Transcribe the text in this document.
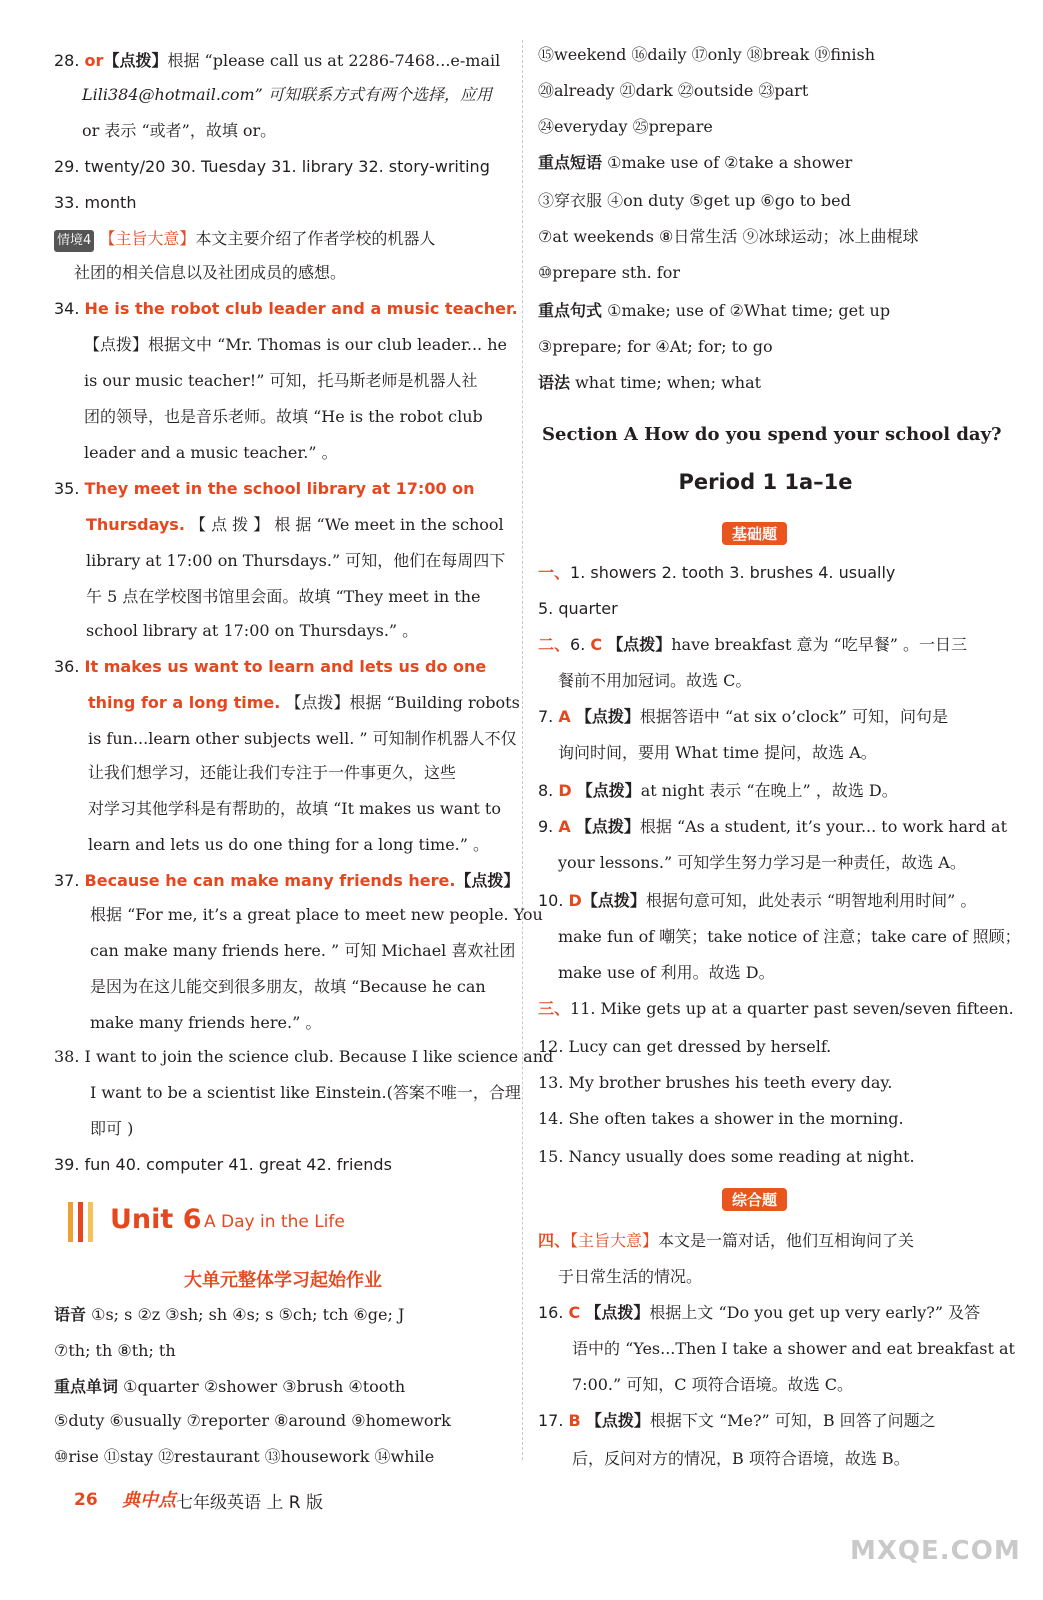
28. or【点拨】根据 “please call us at 2286-7468...e-mail
Lili384@hotmail.com” 可知联系方式有两个选择，应用
or 表示 “或者”，故填 or。
29. twenty/20 30. Tuesday 31. library 32. story-writing
33. month
情境4 【主旨大意】本文主要介绍了作者学校的机器人
社团的相关信息以及社团成员的感想。
34. He is the robot club leader and a music teacher.
【点拨】根据文中 “Mr. Thomas is our club leader... he
is our music teacher!” 可知，托马斯老师是机器人社
团的领导，也是音乐老师。故填 “He is the robot club
leader and a music teacher.” 。
35. They meet in the school library at 17:00 on
Thursdays. 【 点 拨 】 根 据 “We meet in the school
library at 17:00 on Thursdays.” 可知，他们在每周四下
午 5 点在学校图书馆里会面。故填 “They meet in the
school library at 17:00 on Thursdays.” 。
36. It makes us want to learn and lets us do one
thing for a long time. 【点拨】根据 “Building robots
is fun...learn other subjects well. ” 可知制作机器人不仅
让我们想学习，还能让我们专注于一件事更久，这些
对学习其他学科是有帮助的，故填 “It makes us want to
learn and lets us do one thing for a long time.” 。
37. Because he can make many friends here.【点拨】
根据 “For me, it’s a great place to meet new people. You
can make many friends here. ” 可知 Michael 喜欢社团
是因为在这儿能交到很多朋友，故填 “Because he can
make many friends here.” 。
38. I want to join the science club. Because I like science and
I want to be a scientist like Einstein.(答案不唯一，合理
即可 )
39. fun 40. computer 41. great 42. friends
Unit 6 A Day in the Life
大单元整体学习起始作业
语音 ①s; s ②z ③sh; sh ④s; s ⑤ch; tch ⑥ge; J
⑦th; th ⑧th; th
重点单词 ①quarter ②shower ③brush ④tooth
⑤duty ⑥usually ⑦reporter ⑧around ⑨homework
⑩rise ⑪stay ⑫restaurant ⑬housework ⑭while
⑮weekend ⑯daily ⑰only ⑱break ⑲finish
⑳already ㉑dark ㉒outside ㉓part
㉔everyday ㉕prepare
重点短语 ①make use of ②take a shower
③穿衣服 ④on duty ⑤get up ⑥go to bed
⑦at weekends ⑧日常生活 ⑨冰球运动；冰上曲棍球
⑩prepare sth. for
重点句式 ①make; use of ②What time; get up
③prepare; for ④At; for; to go
语法 what time; when; what
Section A How do you spend your school day?
Period 1 1a–1e
基础题
一、1. showers 2. tooth 3. brushes 4. usually
5. quarter
二、6. C 【点拨】have breakfast 意为 “吃早餐” 。一日三
餐前不用加冠词。故选 C。
7. A 【点拨】根据答语中 “at six o’clock” 可知，问句是
询问时间，要用 What time 提问，故选 A。
8. D 【点拨】at night 表示 “在晚上” ，故选 D。
9. A 【点拨】根据 “As a student, it’s your... to work hard at
your lessons.” 可知学生努力学习是一种责任，故选 A。
10. D【点拨】根据句意可知，此处表示 “明智地利用时间” 。
make fun of 嘲笑；take notice of 注意；take care of 照顾；
make use of 利用。故选 D。
三、11. Mike gets up at a quarter past seven/seven fifteen.
12. Lucy can get dressed by herself.
13. My brother brushes his teeth every day.
14. She often takes a shower in the morning.
15. Nancy usually does some reading at night.
综合题
四、【主旨大意】本文是一篇对话，他们互相询问了关
于日常生活的情况。
16. C 【点拨】根据上文 “Do you get up very early?” 及答
语中的 “Yes...Then I take a shower and eat breakfast at
7:00.” 可知，C 项符合语境。故选 C。
17. B 【点拨】根据下文 “Me?” 可知，B 回答了问题之
后，反问对方的情况，B 项符合语境，故选 B。
26 典中点 七年级英语 上 R 版
MXQE.COM
